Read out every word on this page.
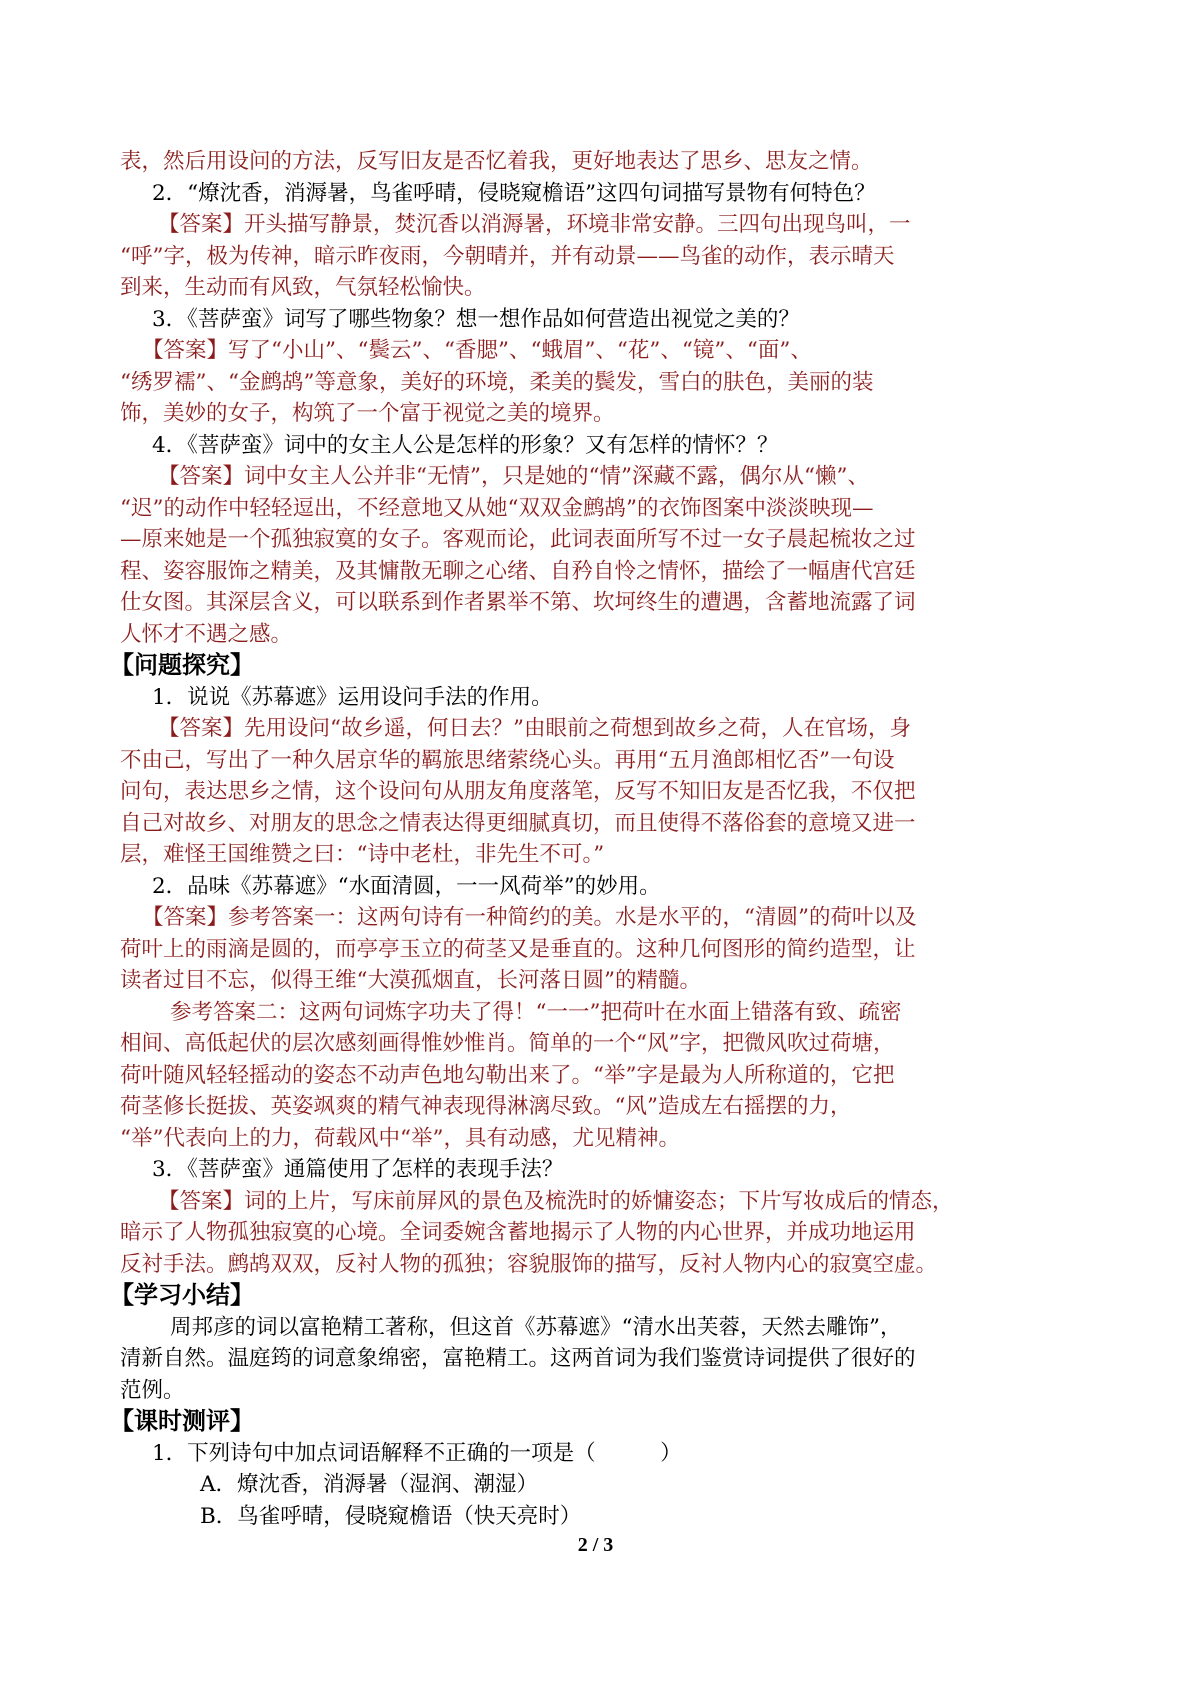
表，然后用设问的方法，反写旧友是否忆着我，更好地表达了思乡、思友之情。
2．“燎沈香，消溽暑，鸟雀呼晴，侵晓窥檐语”这四句词描写景物有何特色？
【答案】开头描写静景，焚沉香以消溽暑，环境非常安静。三四句出现鸟叫，一
“呼”字，极为传神，暗示昨夜雨，今朝晴并，并有动景——鸟雀的动作，表示晴天
到来，生动而有风致，气氛轻松愉快。
3．《菩萨蛮》词写了哪些物象？想一想作品如何营造出视觉之美的？
【答案】写了“小山”、“鬓云”、“香腮”、“蛾眉”、“花”、“镜”、“面”、
“绣罗襦”、“金鹧鸪”等意象，美好的环境，柔美的鬓发，雪白的肤色，美丽的装
饰，美妙的女子，构筑了一个富于视觉之美的境界。
4．《菩萨蛮》词中的女主人公是怎样的形象？又有怎样的情怀？？
【答案】词中女主人公并非“无情”，只是她的“情”深藏不露，偶尔从“懒”、
“迟”的动作中轻轻逗出，不经意地又从她“双双金鹧鸪”的衣饰图案中淡淡映现—
—原来她是一个孤独寂寞的女子。客观而论，此词表面所写不过一女子晨起梳妆之过
程、姿容服饰之精美，及其慵散无聊之心绪、自矜自怜之情怀，描绘了一幅唐代宫廷
仕女图。其深层含义，可以联系到作者累举不第、坎坷终生的遭遇，含蓄地流露了词
人怀才不遇之感。
【问题探究】
1．说说《苏幕遮》运用设问手法的作用。
【答案】先用设问“故乡遥，何日去？”由眼前之荷想到故乡之荷，人在官场，身
不由己，写出了一种久居京华的羁旅思绪萦绕心头。再用“五月渔郎相忆否”一句设
问句，表达思乡之情，这个设问句从朋友角度落笔，反写不知旧友是否忆我，不仅把
自己对故乡、对朋友的思念之情表达得更细腻真切，而且使得不落俗套的意境又进一
层，难怪王国维赞之曰：“诗中老杜，非先生不可。”
2．品味《苏幕遮》“水面清圆，一一风荷举”的妙用。
【答案】参考答案一：这两句诗有一种简约的美。水是水平的，“清圆”的荷叶以及
荷叶上的雨滴是圆的，而亭亭玉立的荷茎又是垂直的。这种几何图形的简约造型，让
读者过目不忘，似得王维“大漠孤烟直，长河落日圆”的精髓。
参考答案二：这两句词炼字功夫了得！“一一”把荷叶在水面上错落有致、疏密
相间、高低起伏的层次感刻画得惟妙惟肖。简单的一个“风”字，把微风吹过荷塘，
荷叶随风轻轻摇动的姿态不动声色地勾勒出来了。“举”字是最为人所称道的，它把
荷茎修长挺拔、英姿飒爽的精气神表现得淋漓尽致。“风”造成左右摇摆的力，
“举”代表向上的力，荷载风中“举”，具有动感，尤见精神。
3．《菩萨蛮》通篇使用了怎样的表现手法？
【答案】词的上片，写床前屏风的景色及梳洗时的娇慵姿态；下片写妆成后的情态，
暗示了人物孤独寂寞的心境。全词委婉含蓄地揭示了人物的内心世界，并成功地运用
反衬手法。鹧鸪双双，反衬人物的孤独；容貌服饰的描写，反衬人物内心的寂寞空虚。
【学习小结】
周邦彦的词以富艳精工著称，但这首《苏幕遮》“清水出芙蓉，天然去雕饰”，
清新自然。温庭筠的词意象绵密，富艳精工。这两首词为我们鉴赏诗词提供了很好的
范例。
【课时测评】
1．下列诗句中加点词语解释不正确的一项是（　　　）
A．燎沈香，消溽暑（湿润、潮湿）
B．鸟雀呼晴，侵晓窥檐语（快天亮时）
2 / 3
